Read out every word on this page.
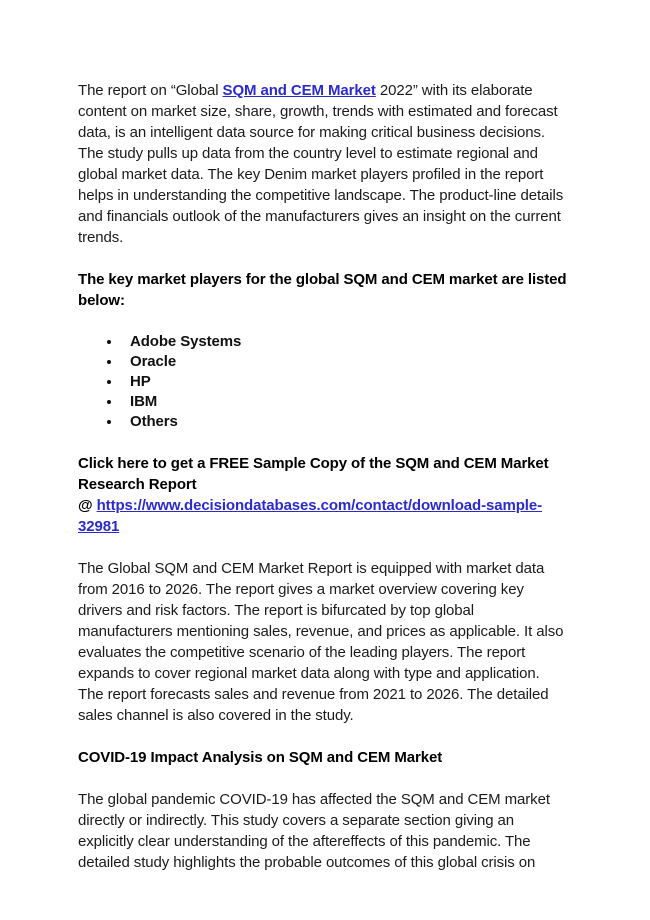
The report on “Global SQM and CEM Market 2022” with its elaborate content on market size, share, growth, trends with estimated and forecast data, is an intelligent data source for making critical business decisions. The study pulls up data from the country level to estimate regional and global market data. The key Denim market players profiled in the report helps in understanding the competitive landscape. The product-line details and financials outlook of the manufacturers gives an insight on the current trends.

The key market players for the global SQM and CEM market are listed below:
• Adobe Systems
• Oracle
• HP
• IBM
• Others

Click here to get a FREE Sample Copy of the SQM and CEM Market Research Report
@ https://www.decisiondatabases.com/contact/download-sample-32981

The Global SQM and CEM Market Report is equipped with market data from 2016 to 2026. The report gives a market overview covering key drivers and risk factors. The report is bifurcated by top global manufacturers mentioning sales, revenue, and prices as applicable. It also evaluates the competitive scenario of the leading players. The report expands to cover regional market data along with type and application. The report forecasts sales and revenue from 2021 to 2026. The detailed sales channel is also covered in the study.

COVID-19 Impact Analysis on SQM and CEM Market

The global pandemic COVID-19 has affected the SQM and CEM market directly or indirectly. This study covers a separate section giving an explicitly clear understanding of the aftereffects of this pandemic. The detailed study highlights the probable outcomes of this global crisis on
